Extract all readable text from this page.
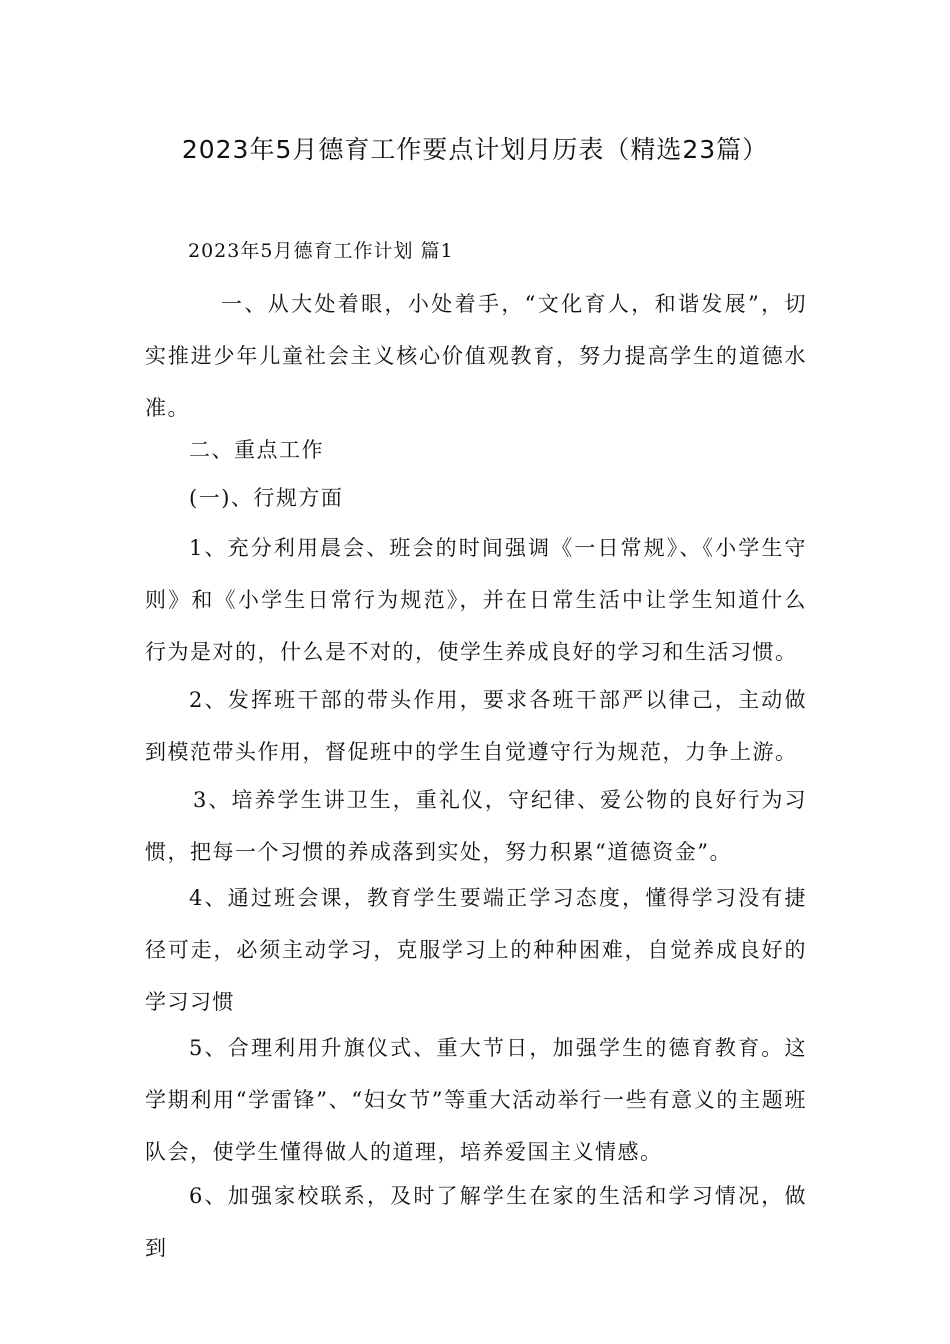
2023年5月德育工作要点计划月历表（精选23篇）
2023年5月德育工作计划 篇1

一、从大处着眼，小处着手，“文化育人，和谐发展”，切实推进少年儿童社会主义核心价值观教育，努力提高学生的道德水准。

二、重点工作

(一)、行规方面

1、充分利用晨会、班会的时间强调《一日常规》、《小学生守则》和《小学生日常行为规范》，并在日常生活中让学生知道什么行为是对的，什么是不对的，使学生养成良好的学习和生活习惯。

2、发挥班干部的带头作用，要求各班干部严以律己，主动做到模范带头作用，督促班中的学生自觉遵守行为规范，力争上游。

3、培养学生讲卫生，重礼仪，守纪律、爱公物的良好行为习惯，把每一个习惯的养成落到实处，努力积累“道德资金”。

4、通过班会课，教育学生要端正学习态度，懂得学习没有捷径可走，必须主动学习，克服学习上的种种困难，自觉养成良好的学习习惯

5、合理利用升旗仪式、重大节日，加强学生的德育教育。这学期利用“学雷锋”、“妇女节”等重大活动举行一些有意义的主题班队会，使学生懂得做人的道理，培养爱国主义情感。

6、加强家校联系，及时了解学生在家的生活和学习情况，做到
